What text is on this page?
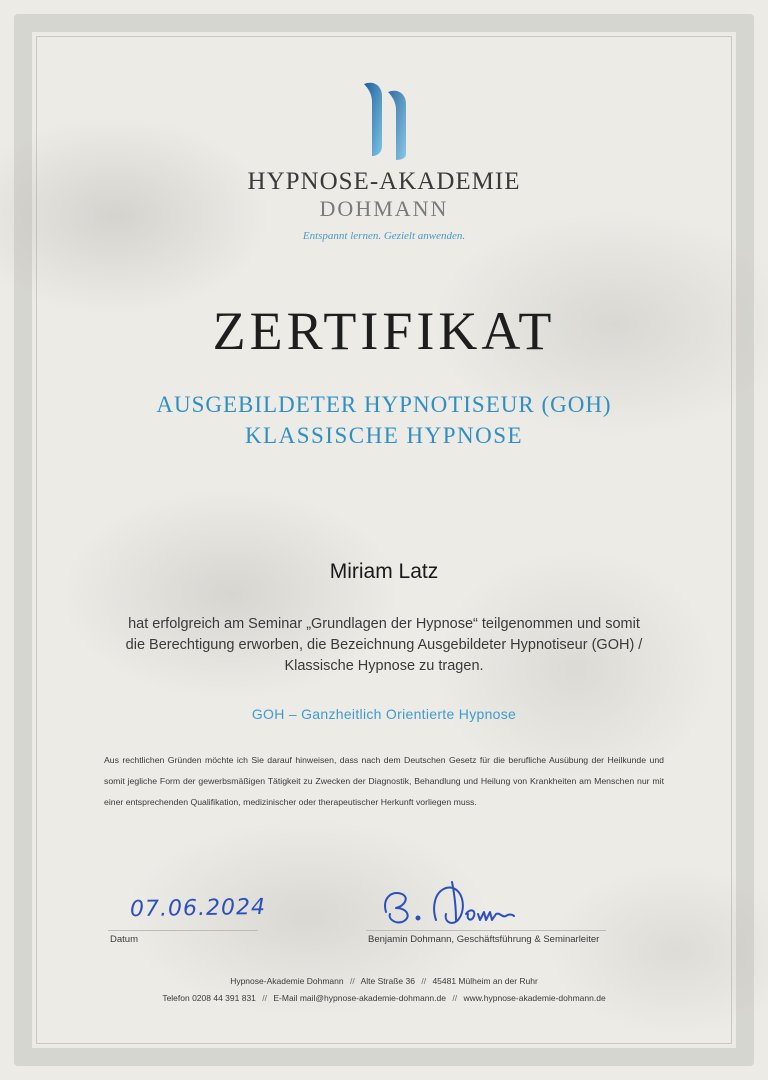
HYPNOSE-AKADEMIE
DOHMANN
Entspannt lernen. Gezielt anwenden.
ZERTIFIKAT
AUSGEBILDETER HYPNOTISEUR (GOH)
KLASSISCHE HYPNOSE
Miriam Latz
hat erfolgreich am Seminar „Grundlagen der Hypnose“ teilgenommen und somit
die Berechtigung erworben, die Bezeichnung Ausgebildeter Hypnotiseur (GOH) /
Klassische Hypnose zu tragen.
GOH – Ganzheitlich Orientierte Hypnose
Aus rechtlichen Gründen möchte ich Sie darauf hinweisen, dass nach dem Deutschen Gesetz für die berufliche Ausübung der Heilkunde und somit jegliche Form der gewerbsmäßigen Tätigkeit zu Zwecken der Diagnostik, Behandlung und Heilung von Krankheiten am Menschen nur mit einer entsprechenden Qualifikation, medizinischer oder therapeutischer Herkunft vorliegen muss.
07.06.2024
Datum	Benjamin Dohmann, Geschäftsführung & Seminarleiter
Hypnose-Akademie Dohmann // Alte Straße 36 // 45481 Mülheim an der Ruhr
Telefon 0208 44 391 831 // E-Mail mail@hypnose-akademie-dohmann.de // www.hypnose-akademie-dohmann.de
